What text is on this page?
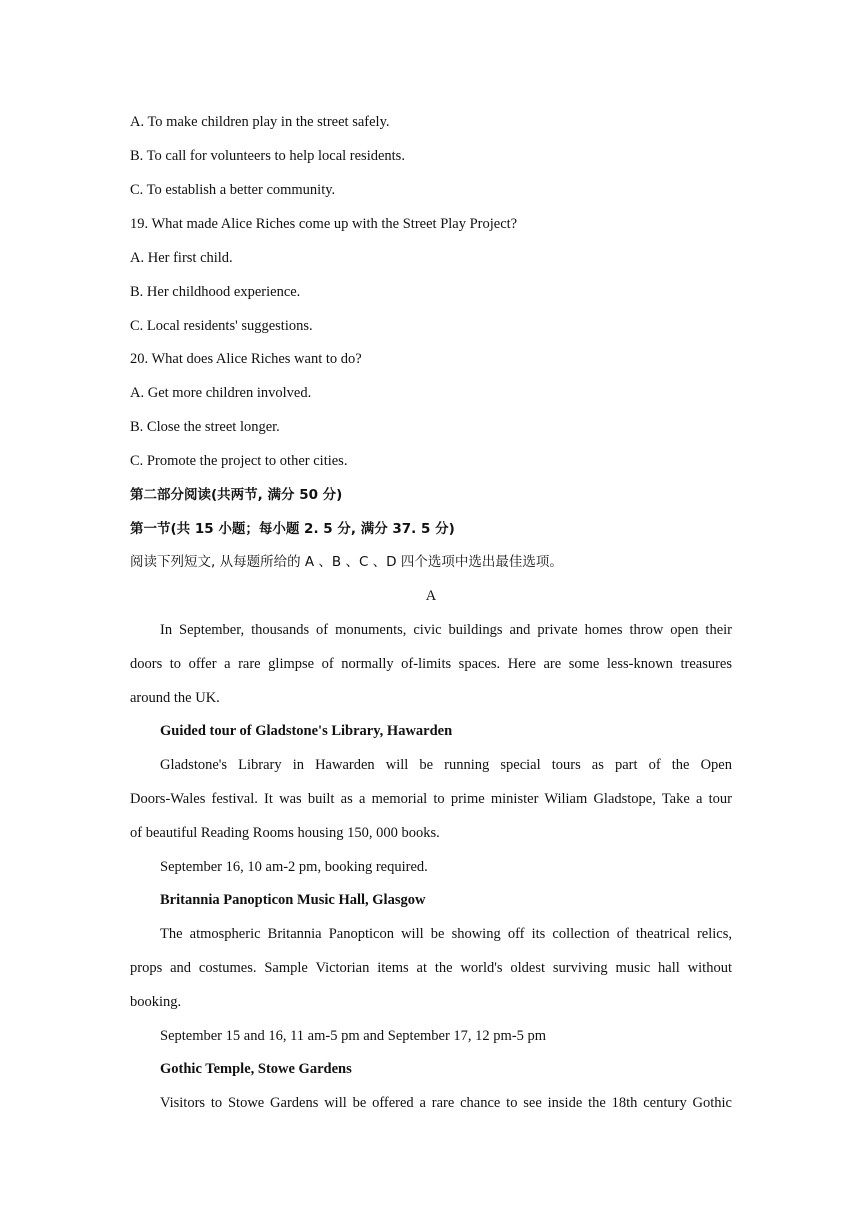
A. To make children play in the street safely.
B. To call for volunteers to help local residents.
C. To establish a better community.
19. What made Alice Riches come up with the Street Play Project?
A. Her first child.
B. Her childhood experience.
C. Local residents' suggestions.
20. What does Alice Riches want to do?
A. Get more children involved.
B. Close the street longer.
C. Promote the project to other cities.
第二部分阅读(共两节, 满分 50 分)
第一节(共 15 小题；每小题 2. 5 分, 满分 37. 5 分)
阅读下列短文, 从每题所给的 A 、B 、C 、D 四个选项中选出最佳选项。
A
In September, thousands of monuments, civic buildings and private homes throw open their
doors to offer a rare glimpse of normally of-limits spaces. Here are some less-known treasures
around the UK.
Guided tour of Gladstone's Library, Hawarden
Gladstone's Library in Hawarden will be running special tours as part of the Open
Doors-Wales festival. It was built as a memorial to prime minister Wiliam Gladstope, Take a tour
of beautiful Reading Rooms housing 150, 000 books.
September 16, 10 am-2 pm, booking required.
Britannia Panopticon Music Hall, Glasgow
The atmospheric Britannia Panopticon will be showing off its collection of theatrical relics,
props and costumes. Sample Victorian items at the world's oldest surviving music hall without
booking.
September 15 and 16, 11 am-5 pm and September 17, 12 pm-5 pm
Gothic Temple, Stowe Gardens
Visitors to Stowe Gardens will be offered a rare chance to see inside the 18th century Gothic
